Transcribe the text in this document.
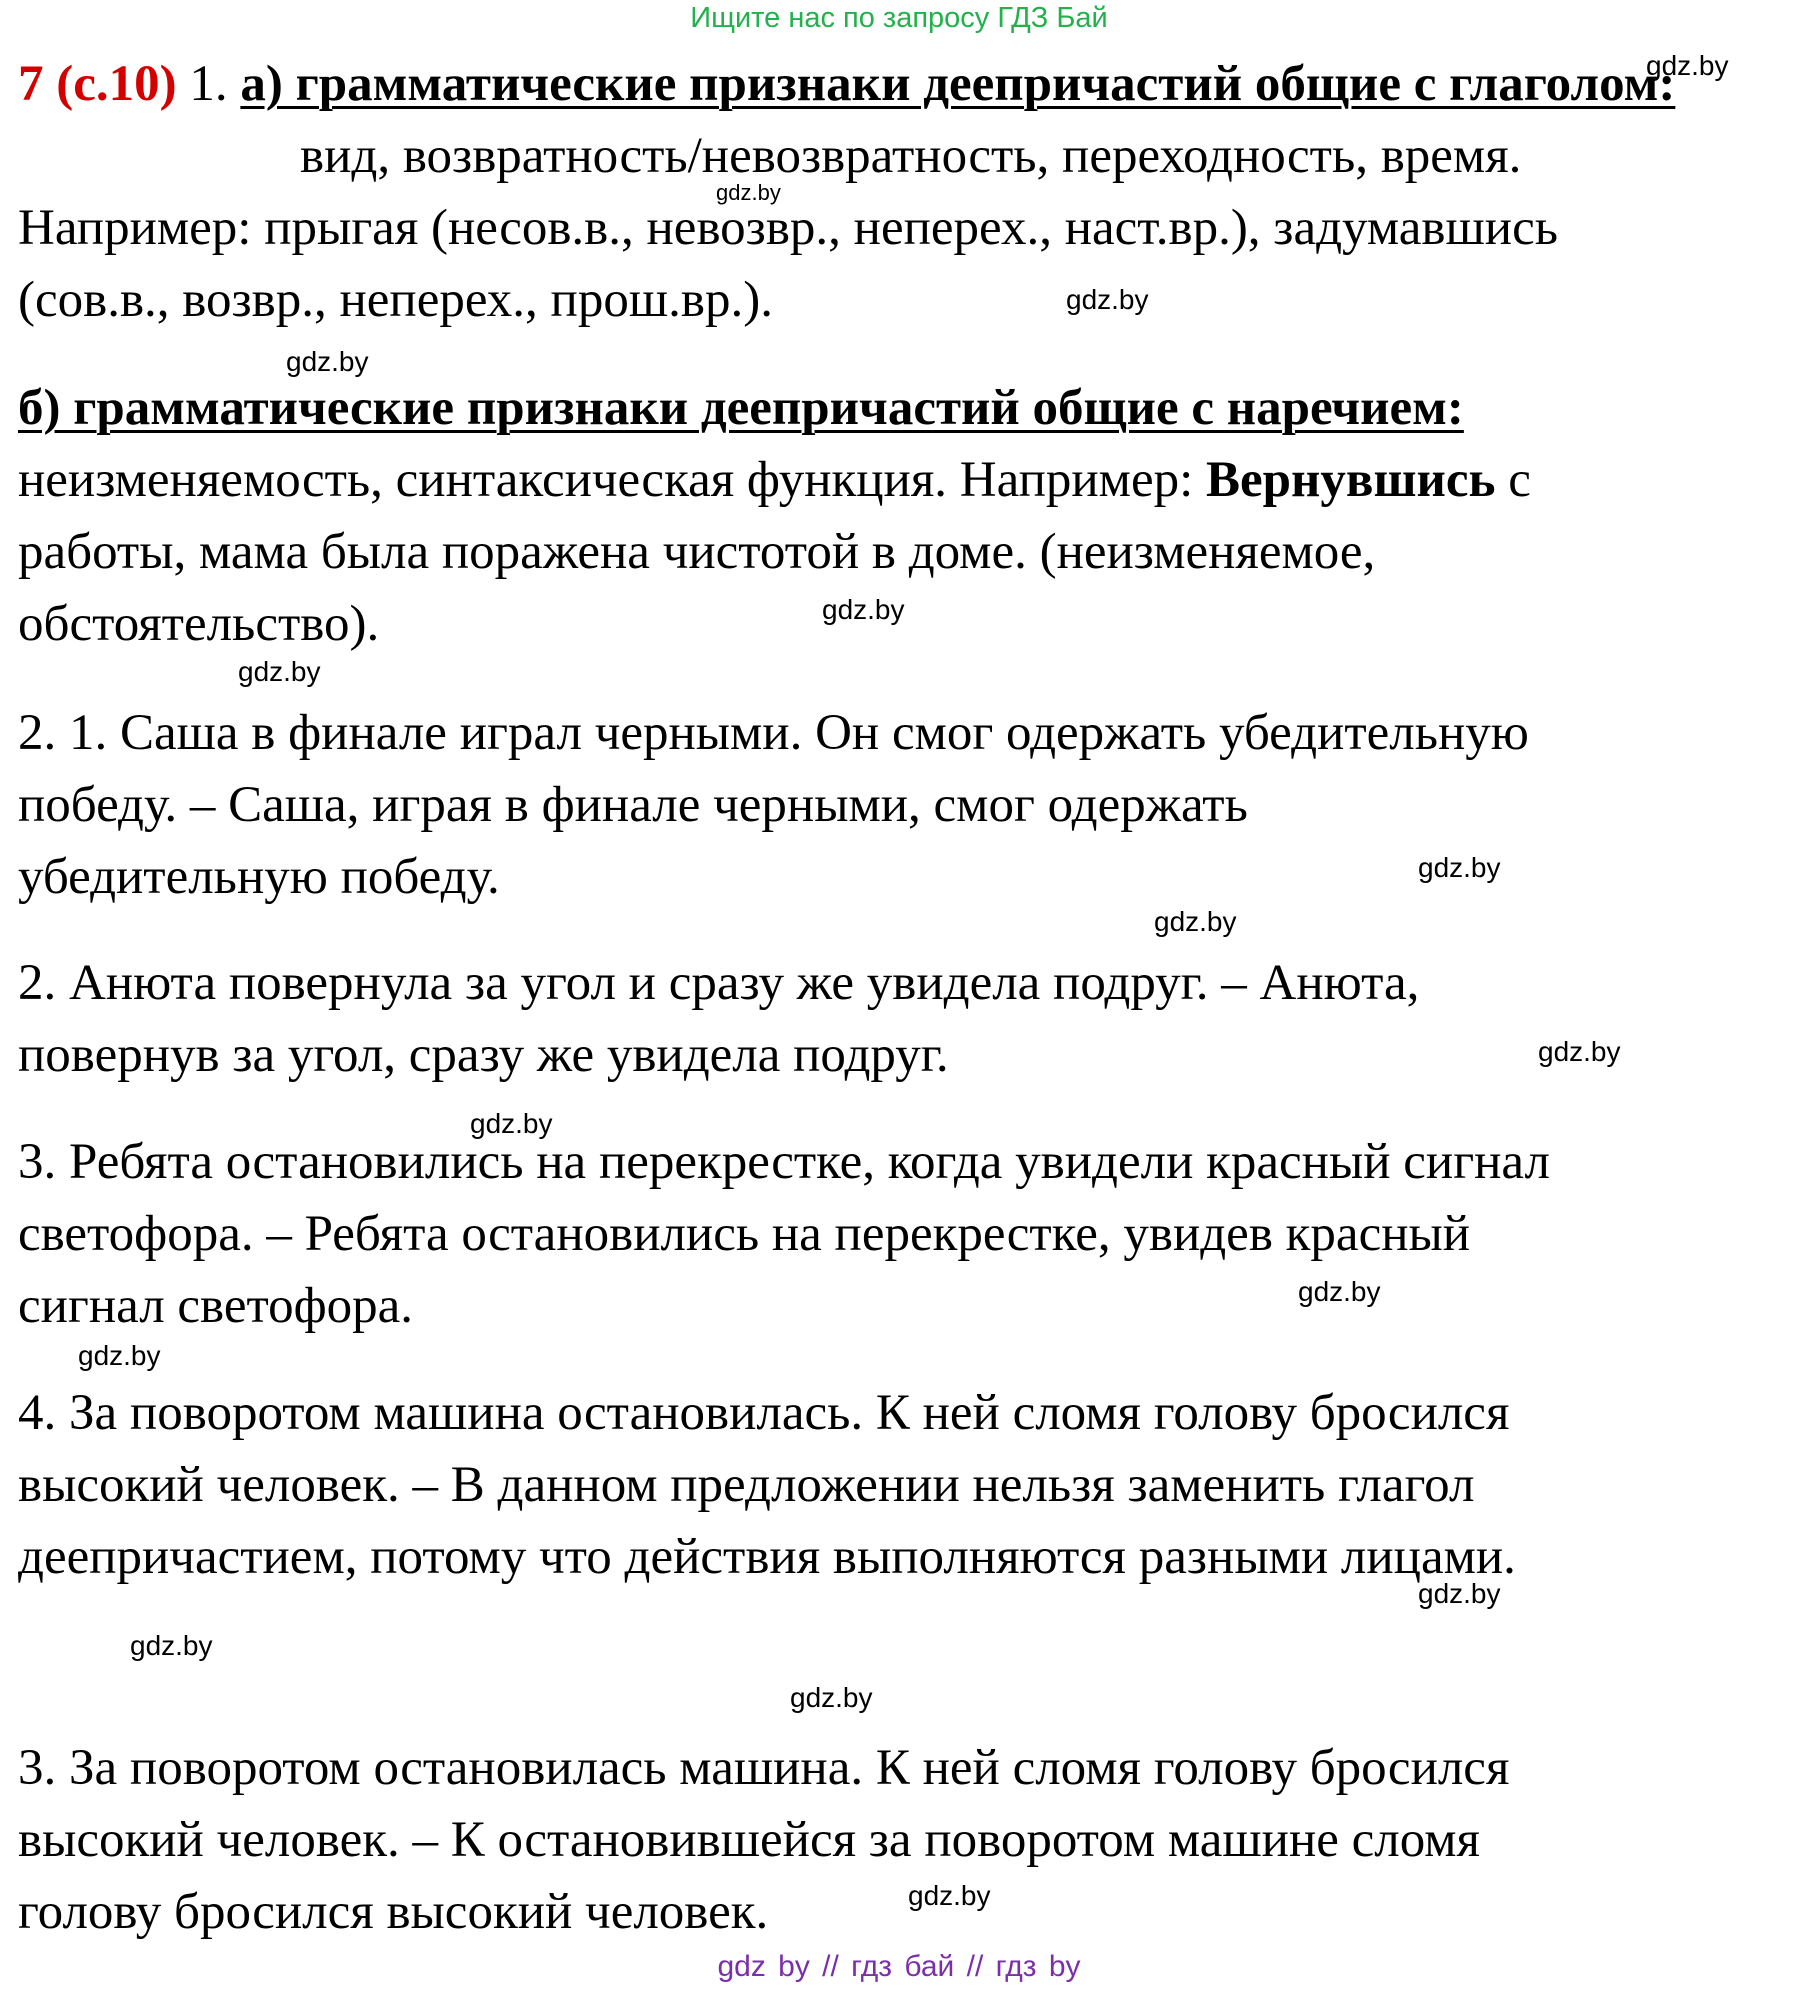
Ищите нас по запросу ГДЗ Бай
7 (с.10) 1. а) грамматические признаки деепричастий общие с глаголом:
вид, возвратность/невозвратность, переходность, время.
Например: прыгая (несов.в., невозвр., неперех., наст.вр.), задумавшись
(сов.в., возвр., неперех., прош.вр.).
б) грамматические признаки деепричастий общие с наречием:
неизменяемость, синтаксическая функция. Например: Вернувшись с
работы, мама была поражена чистотой в доме. (неизменяемое,
обстоятельство).
2. 1. Саша в финале играл черными. Он смог одержать убедительную
победу. – Саша, играя в финале черными, смог одержать
убедительную победу.
2. Анюта повернула за угол и сразу же увидела подруг. – Анюта,
повернув за угол, сразу же увидела подруг.
3. Ребята остановились на перекрестке, когда увидели красный сигнал
светофора. – Ребята остановились на перекрестке, увидев красный
сигнал светофора.
4. За поворотом машина остановилась. К ней сломя голову бросился
высокий человек. – В данном предложении нельзя заменить глагол
деепричастием, потому что действия выполняются разными лицами.
3. За поворотом остановилась машина. К ней сломя голову бросился
высокий человек. – К остановившейся за поворотом машине сломя
голову бросился высокий человек.
gdz.by
gdz.by
gdz.by
gdz.by
gdz.by
gdz.by
gdz.by
gdz.by
gdz.by
gdz.by
gdz.by
gdz.by
gdz.by
gdz.by
gdz.by
gdz.by
gdz by // гдз бай // гдз by
